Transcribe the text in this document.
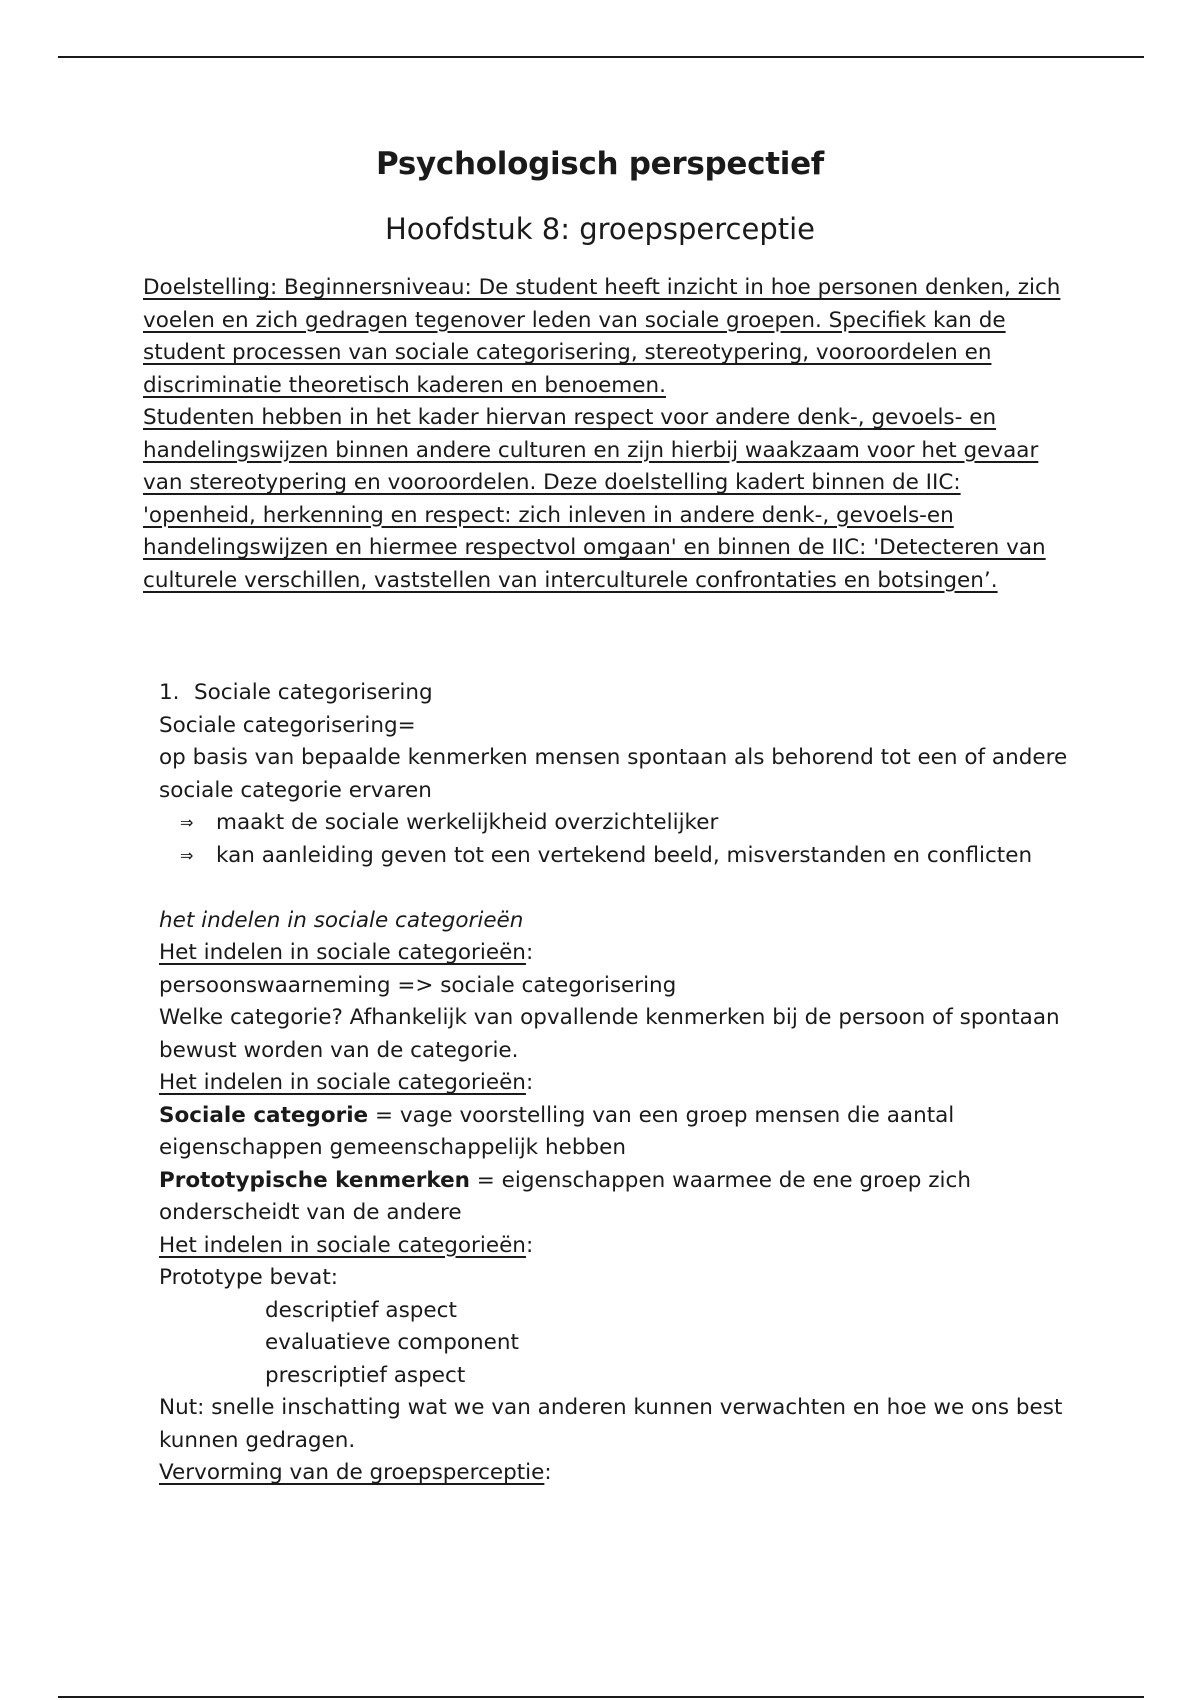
Psychologisch perspectief
Hoofdstuk 8: groepsperceptie

Doelstelling: Beginnersniveau: De student heeft inzicht in hoe personen denken, zich voelen en zich gedragen tegenover leden van sociale groepen. Specifiek kan de student processen van sociale categorisering, stereotypering, vooroordelen en discriminatie theoretisch kaderen en benoemen.

Studenten hebben in het kader hiervan respect voor andere denk-, gevoels- en handelingswijzen binnen andere culturen en zijn hierbij waakzaam voor het gevaar van stereotypering en vooroordelen. Deze doelstelling kadert binnen de IIC: 'openheid, herkenning en respect: zich inleven in andere denk-, gevoels-en handelingswijzen en hiermee respectvol omgaan' en binnen de IIC: 'Detecteren van culturele verschillen, vaststellen van interculturele confrontaties en botsingen’.

1. Sociale categorisering

Sociale categorisering=

op basis van bepaalde kenmerken mensen spontaan als behorend tot een of andere sociale categorie ervaren

⇒ maakt de sociale werkelijkheid overzichtelijker

⇒ kan aanleiding geven tot een vertekend beeld, misverstanden en conflicten

het indelen in sociale categorieën

Het indelen in sociale categorieën:

persoonswaarneming => sociale categorisering

Welke categorie? Afhankelijk van opvallende kenmerken bij de persoon of spontaan bewust worden van de categorie.

Het indelen in sociale categorieën:

Sociale categorie = vage voorstelling van een groep mensen die aantal eigenschappen gemeenschappelijk hebben

Prototypische kenmerken = eigenschappen waarmee de ene groep zich onderscheidt van de andere

Het indelen in sociale categorieën:

Prototype bevat:

descriptief aspect

evaluatieve component

prescriptief aspect

Nut: snelle inschatting wat we van anderen kunnen verwachten en hoe we ons best kunnen gedragen.

Vervorming van de groepsperceptie:
